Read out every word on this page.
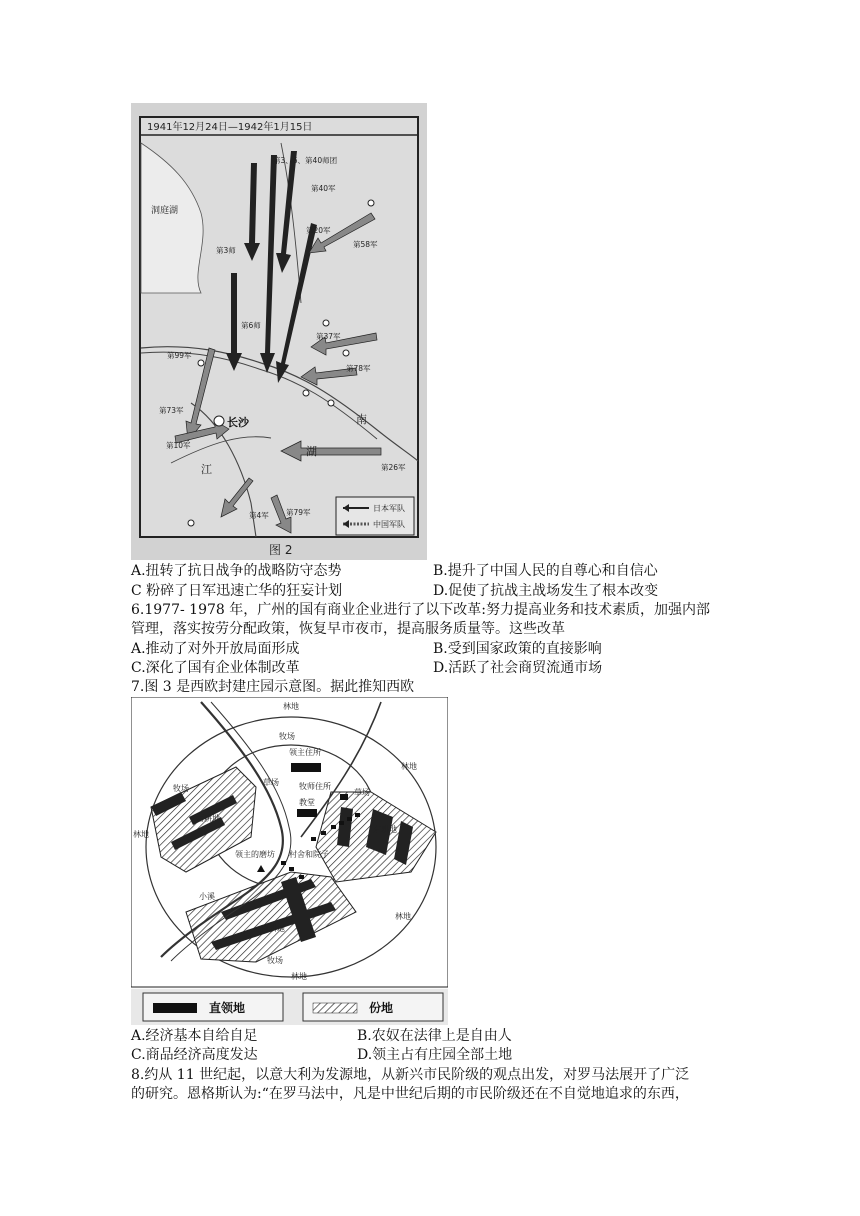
1941年12月24日—1942年1月15日
第3、6、第40师团
第40军
第20军
第58军
第3师
第6师
第37军
第99军
第78军
第73军
第10军
第4军 第79军
第26军
洞庭湖
江
湖
南
长沙
日本军队
中国军队
图 2
A.扭转了抗日战争的战略防守态势	B.提升了中国人民的自尊心和自信心
C 粉碎了日军迅速亡华的狂妄计划	D.促使了抗战主战场发生了根本改变
6.1977- 1978 年，广州的国有商业企业进行了以下改革:努力提高业务和技术素质，加强内部
管理，落实按劳分配政策，恢复早市夜市，提高服务质量等。这些改革
A.推动了对外开放局面形成	B.受到国家政策的直接影响
C.深化了国有企业体制改革	D.活跃了社会商贸流通市场
7.图 3 是西欧封建庄园示意图。据此推知西欧
林地
牧场
林地
领主住所
牧师住所
教堂
牧场
林地
草场
草场
西耕地
东耕地
村舍和院子
领主的磨坊
小溪
南耕地
林地
牧场
林地
直领地	份地
A.经济基本自给自足	B.农奴在法律上是自由人
C.商品经济高度发达	D.领主占有庄园全部土地
8.约从 11 世纪起，以意大利为发源地，从新兴市民阶级的观点出发，对罗马法展开了广泛
的研究。恩格斯认为:“在罗马法中，凡是中世纪后期的市民阶级还在不自觉地追求的东西，
